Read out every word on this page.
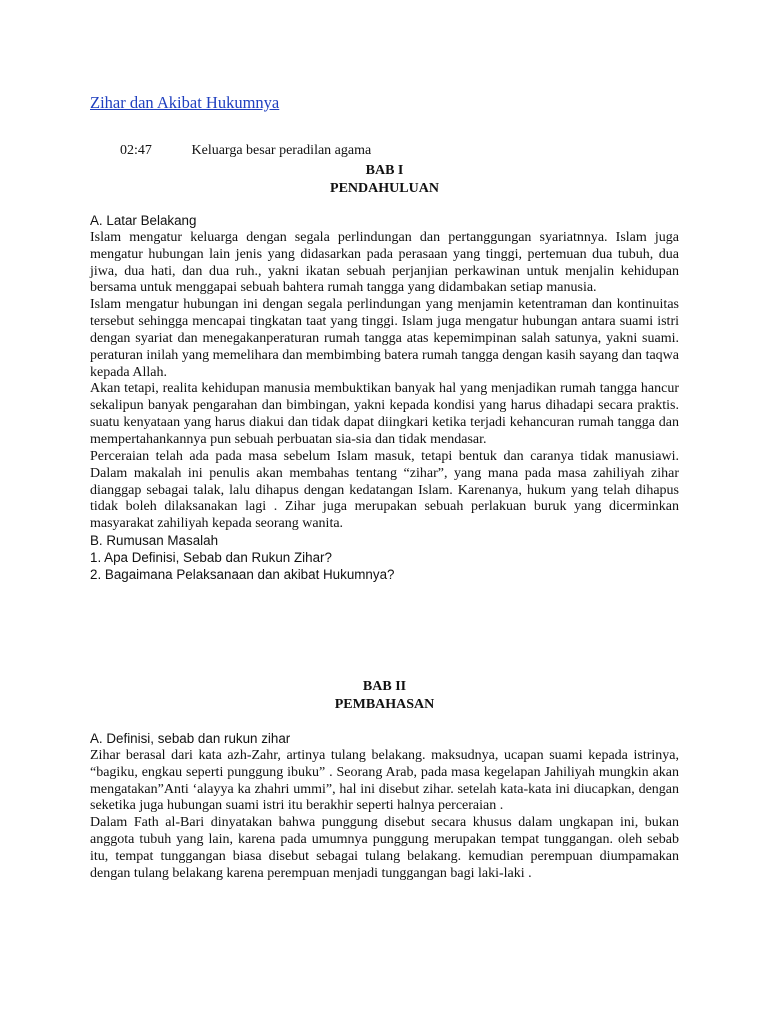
Zihar dan Akibat Hukumnya
02:47	Keluarga besar peradilan agama
BAB I
PENDAHULUAN

A. Latar Belakang

Islam mengatur keluarga dengan segala perlindungan dan pertanggungan syariatnnya. Islam juga mengatur hubungan lain jenis yang didasarkan pada perasaan yang tinggi, pertemuan dua tubuh, dua jiwa, dua hati, dan dua ruh., yakni ikatan sebuah perjanjian perkawinan untuk menjalin kehidupan bersama untuk menggapai sebuah bahtera rumah tangga yang didambakan setiap manusia.

Islam mengatur hubungan ini dengan segala perlindungan yang menjamin ketentraman dan kontinuitas tersebut sehingga mencapai tingkatan taat yang tinggi. Islam juga mengatur hubungan antara suami istri dengan syariat dan menegakanperaturan rumah tangga atas kepemimpinan salah satunya, yakni suami. peraturan inilah yang memelihara dan membimbing batera rumah tangga dengan kasih sayang dan taqwa kepada Allah.

Akan tetapi, realita kehidupan manusia membuktikan banyak hal yang menjadikan rumah tangga hancur sekalipun banyak pengarahan dan bimbingan, yakni kepada kondisi yang harus dihadapi secara praktis. suatu kenyataan yang harus diakui dan tidak dapat diingkari ketika terjadi kehancuran rumah tangga dan mempertahankannya pun sebuah perbuatan sia-sia dan tidak mendasar.

Perceraian telah ada pada masa sebelum Islam masuk, tetapi bentuk dan caranya tidak manusiawi. Dalam makalah ini penulis akan membahas tentang “zihar”, yang mana pada masa zahiliyah zihar dianggap sebagai talak, lalu dihapus dengan kedatangan Islam. Karenanya, hukum yang telah dihapus tidak boleh dilaksanakan lagi . Zihar juga merupakan sebuah perlakuan buruk yang dicerminkan masyarakat zahiliyah kepada seorang wanita.

B. Rumusan Masalah

1. Apa Definisi, Sebab dan Rukun Zihar?

2. Bagaimana Pelaksanaan dan akibat Hukumnya?

BAB II
PEMBAHASAN

A. Definisi, sebab dan rukun zihar

Zihar berasal dari kata azh-Zahr, artinya tulang belakang. maksudnya, ucapan suami kepada istrinya, “bagiku, engkau seperti punggung ibuku” . Seorang Arab, pada masa kegelapan Jahiliyah mungkin akan mengatakan”Anti ‘alayya ka zhahri ummi”, hal ini disebut zihar. setelah kata-kata ini diucapkan, dengan seketika juga hubungan suami istri itu berakhir seperti halnya perceraian .

Dalam Fath al-Bari dinyatakan bahwa punggung disebut secara khusus dalam ungkapan ini, bukan anggota tubuh yang lain, karena pada umumnya punggung merupakan tempat tunggangan. oleh sebab itu, tempat tunggangan biasa disebut sebagai tulang belakang. kemudian perempuan diumpamakan dengan tulang belakang karena perempuan menjadi tunggangan bagi laki-laki .
